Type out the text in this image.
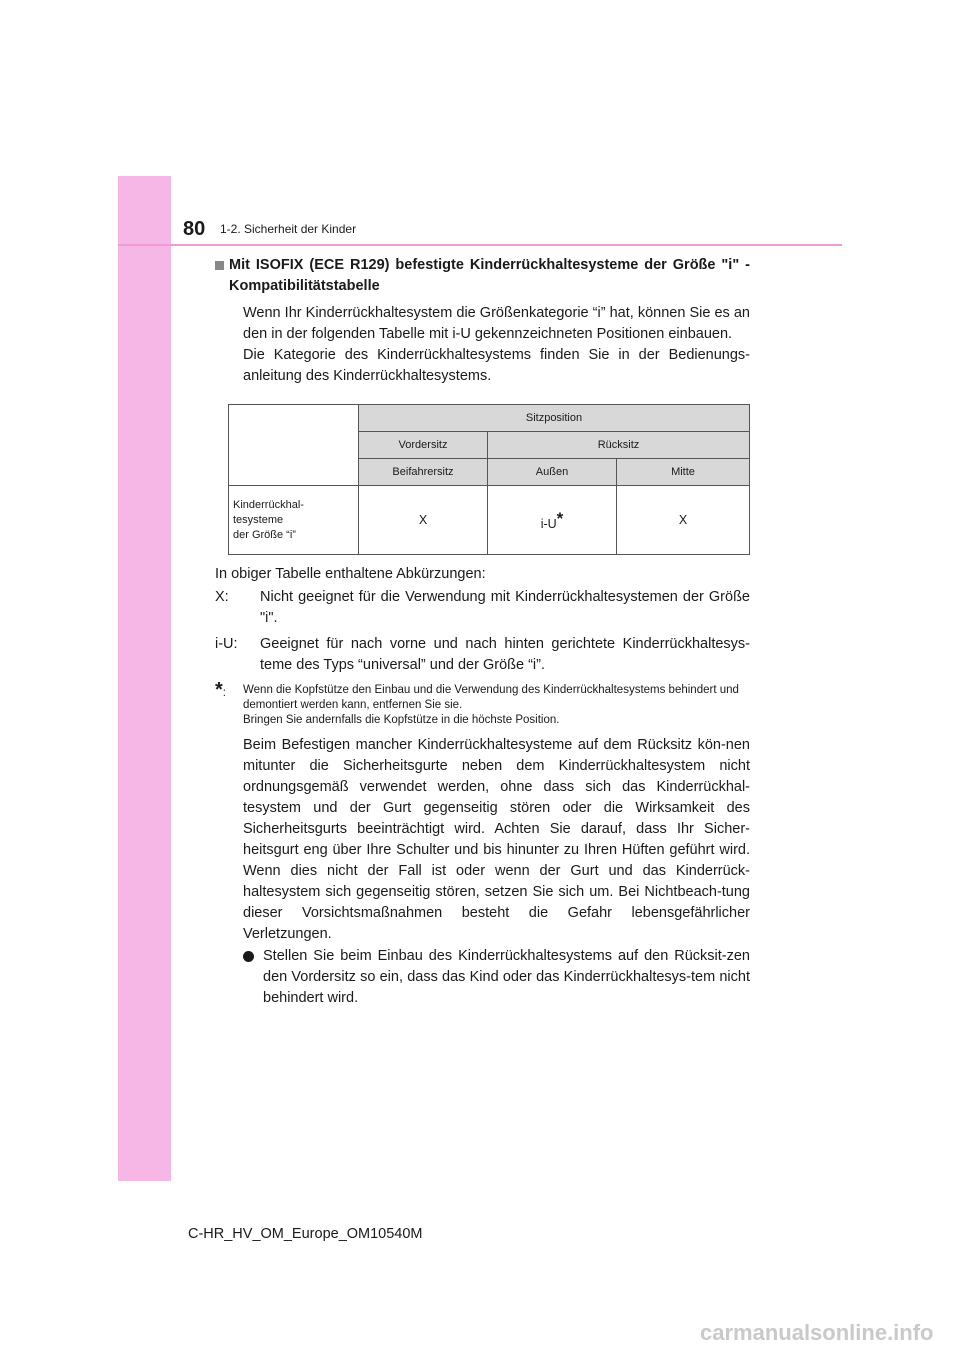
80 1-2. Sicherheit der Kinder
Mit ISOFIX (ECE R129) befestigte Kinderrückhaltesysteme der Größe "i" - Kompatibilitätstabelle

Wenn Ihr Kinderrückhaltesystem die Größenkategorie “i” hat, können Sie es an den in der folgenden Tabelle mit i-U gekennzeichneten Positionen einbauen.

Die Kategorie des Kinderrückhaltesystems finden Sie in der Bedienungs-anleitung des Kinderrückhaltesystems.

	Sitzposition		
	Vordersitz	Rücksitz	
	Beifahrersitz	Außen	Mitte
Kinderrückhal-
tesysteme
der Größe “i”	X	i-U*	X

In obiger Tabelle enthaltene Abkürzungen:

X:	Nicht geeignet für die Verwendung mit Kinderrückhaltesystemen der Größe "i".
i-U:	Geeignet für nach vorne und nach hinten gerichtete Kinderrückhaltesys-teme des Typs “universal” und der Größe “i”.
*:	Wenn die Kopfstütze den Einbau und die Verwendung des Kinderrückhaltesystems behindert und demontiert werden kann, entfernen Sie sie.
Bringen Sie andernfalls die Kopfstütze in die höchste Position.

Beim Befestigen mancher Kinderrückhaltesysteme auf dem Rücksitz kön-nen mitunter die Sicherheitsgurte neben dem Kinderrückhaltesystem nicht ordnungsgemäß verwendet werden, ohne dass sich das Kinderrückhal-tesystem und der Gurt gegenseitig stören oder die Wirksamkeit des Sicherheitsgurts beeinträchtigt wird. Achten Sie darauf, dass Ihr Sicher-heitsgurt eng über Ihre Schulter und bis hinunter zu Ihren Hüften geführt wird. Wenn dies nicht der Fall ist oder wenn der Gurt und das Kinderrück-haltesystem sich gegenseitig stören, setzen Sie sich um. Bei Nichtbeach-tung dieser Vorsichtsmaßnahmen besteht die Gefahr lebensgefährlicher Verletzungen.

Stellen Sie beim Einbau des Kinderrückhaltesystems auf den Rücksit-zen den Vordersitz so ein, dass das Kind oder das Kinderrückhaltesys-tem nicht behindert wird.
C-HR_HV_OM_Europe_OM10540M
carmanualsonline.info
